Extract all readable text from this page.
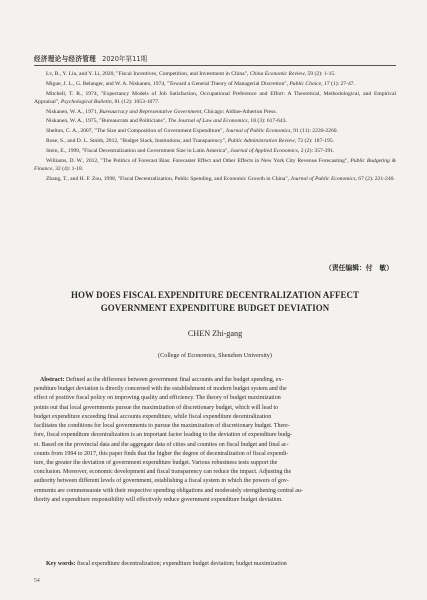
经济理论与经济管理 2020年第11期

Lv, B., Y. Liu, and Y. Li, 2020, "Fiscal Incentives, Competition, and Investment in China", China Economic Review, 59 (2): 1-15.

Migue, J. L., G. Belanger, and W. A. Niskanen, 1974, "Toward a General Theory of Managerial Discretion", Public Choice, 17 (1): 27-47.

Mitchell, T. R., 1974, "Expectancy Models of Job Satisfaction, Occupational Preference and Effort: A Theoretical, Methodological, and Empirical Appraisal", Psychological Bulletin, 81 (12): 1053-1077.

Niskanen, W. A., 1971, Bureaucracy and Representative Government, Chicago: Aldine-Atherton Press.

Niskanen, W. A., 1975, "Bureaucrats and Politicians", The Journal of Law and Economics, 18 (3): 617-643.

Shelton, C. A., 2007, "The Size and Composition of Government Expenditure", Journal of Public Economics, 91 (11): 2230-2260.

Rose, S., and D. L. Smith, 2012, "Budget Slack, Institutions, and Transparency", Public Administration Review, 72 (2): 187-195.

Stein, E., 1999, "Fiscal Decentralization and Government Size in Latin America", Journal of Applied Economics, 2 (2): 357-391.

Williams, D. W., 2012, "The Politics of Forecast Bias: Forecaster Effect and Other Effects in New York City Revenue Forecasting", Public Budgeting & Finance, 32 (4): 1-18.

Zhang, T., and H. F. Zou, 1998, "Fiscal Decentralization, Public Spending, and Economic Growth in China", Journal of Public Economics, 67 (2): 221-240.

（责任编辑：付　敏）
HOW DOES FISCAL EXPENDITURE DECENTRALIZATION AFFECT
GOVERNMENT EXPENDITURE BUDGET DEVIATION
CHEN Zhi-gang
(College of Economics, Shenzhen University)
Abstract: Defined as the difference between government final accounts and the budget spending, ex-
penditure budget deviation is directly concerned with the establishment of modern budget system and the
effect of positive fiscal policy on improving quality and efficiency. The theory of budget maximization
points out that local governments pursue the maximization of discretionary budget, which will lead to
budget expenditure exceeding final accounts expenditure, while fiscal expenditure decentralization
facilitates the conditions for local governments to pursue the maximization of discretionary budget. There-
fore, fiscal expenditure decentralization is an important factor leading to the deviation of expenditure budg-
et. Based on the provincial data and the aggregate data of cities and counties on fiscal budget and final ac-
counts from 1994 to 2017, this paper finds that the higher the degree of decentralization of fiscal expendi-
ture, the greater the deviation of government expenditure budget. Various robustness tests support the
conclusion. Moreover, economic development and fiscal transparency can reduce the impact. Adjusting the
authority between different levels of government, establishing a fiscal system in which the powers of gov-
ernments are commensurate with their respective spending obligations and moderately strengthening central au-
thority and expenditure responsibility will effectively reduce government expenditure budget deviation.
Key words: fiscal expenditure decentralization; expenditure budget deviation; budget maximization
54
